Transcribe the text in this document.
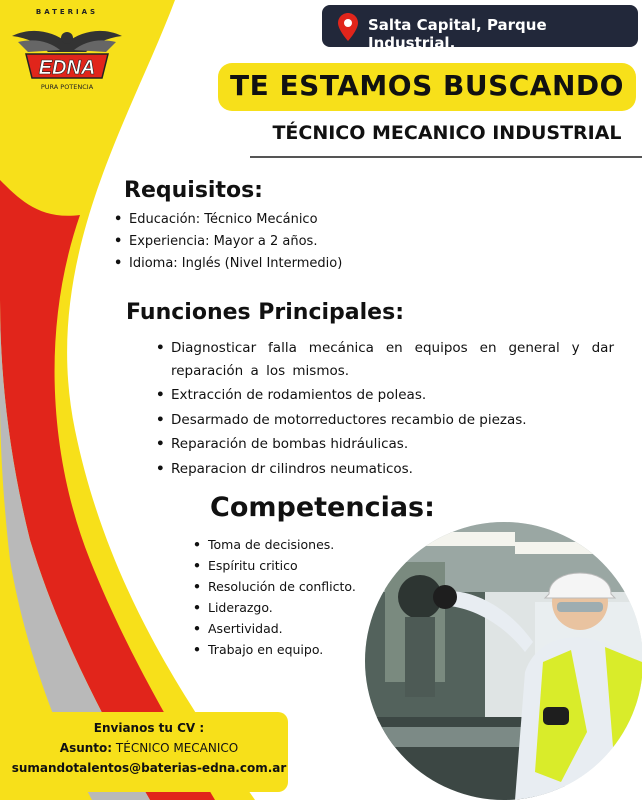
BATERIAS
EDNA
PURA POTENCIA
Salta Capital, Parque Industrial.
TE ESTAMOS BUSCANDO
TÉCNICO MECANICO INDUSTRIAL
Requisitos:
• Educación: Técnico Mecánico
• Experiencia: Mayor a 2 años.
• Idioma: Inglés (Nivel Intermedio)
Funciones Principales:
• Diagnosticar falla mecánica en equipos en general y dar reparación a los mismos.
• Extracción de rodamientos de poleas.
• Desarmado de motorreductores recambio de piezas.
• Reparación de bombas hidráulicas.
• Reparacion dr cilindros neumaticos.
Competencias:
• Toma de decisiones.
• Espíritu critico
• Resolución de conflicto.
• Liderazgo.
• Asertividad.
• Trabajo en equipo.
Envianos tu CV :
Asunto: TÉCNICO MECANICO
sumandotalentos@baterias-edna.com.ar
